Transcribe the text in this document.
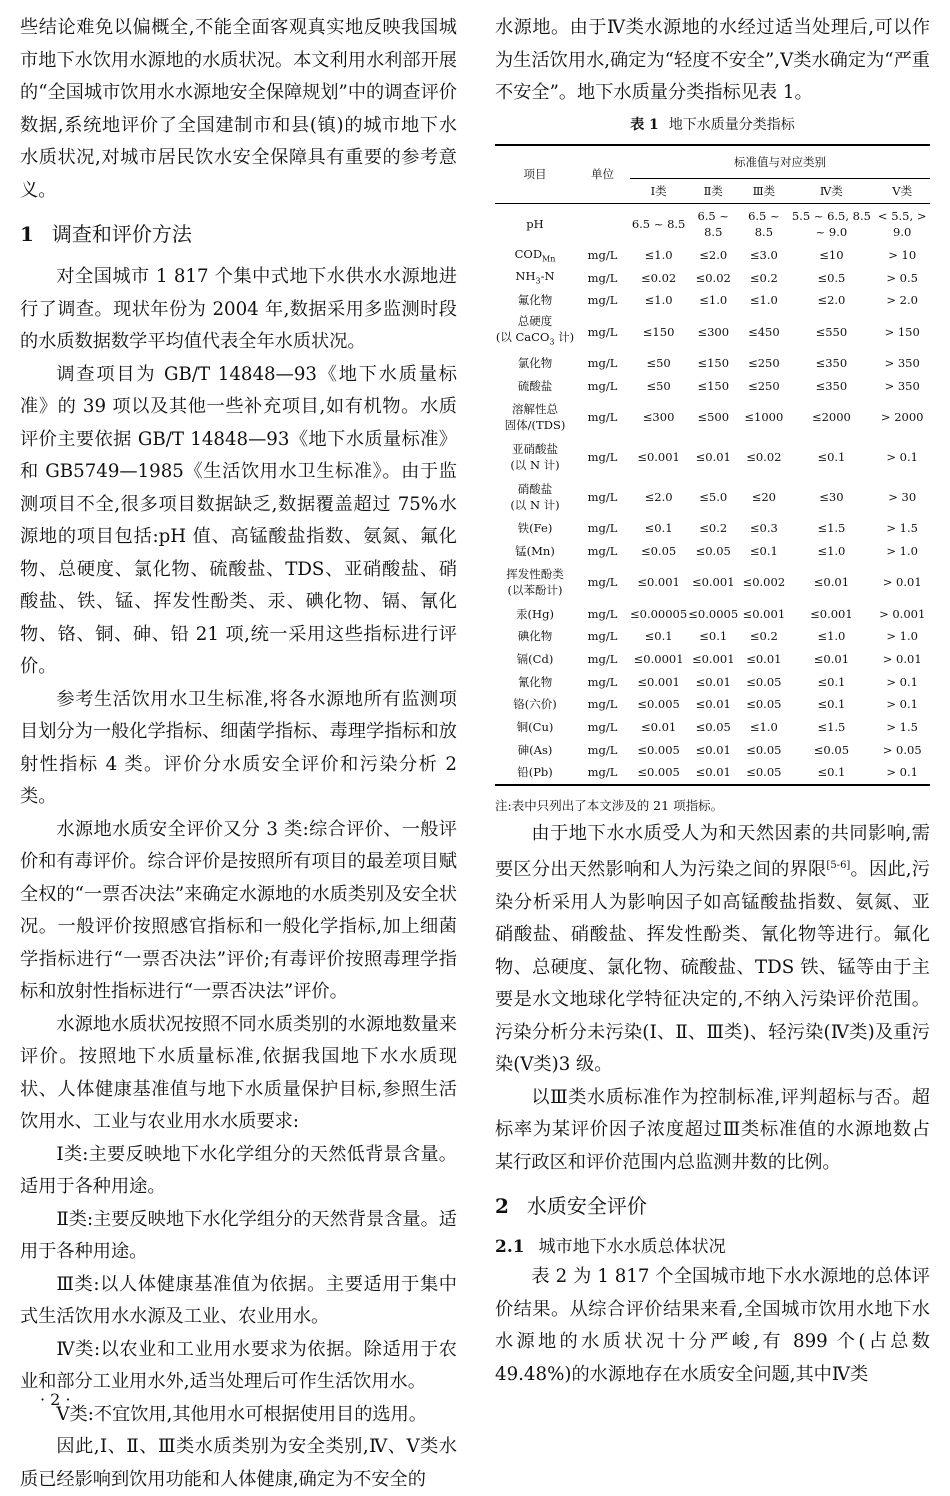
些结论难免以偏概全,不能全面客观真实地反映我国城市地下水饮用水源地的水质状况。本文利用水利部开展的“全国城市饮用水水源地安全保障规划”中的调查评价数据,系统地评价了全国建制市和县(镇)的城市地下水水质状况,对城市居民饮水安全保障具有重要的参考意义。

1 调查和评价方法

对全国城市 1 817 个集中式地下水供水水源地进行了调查。现状年份为 2004 年,数据采用多监测时段的水质数据数学平均值代表全年水质状况。

调查项目为 GB/T 14848—93《地下水质量标准》的 39 项以及其他一些补充项目,如有机物。水质评价主要依据 GB/T 14848—93《地下水质量标准》和 GB5749—1985《生活饮用水卫生标准》。由于监测项目不全,很多项目数据缺乏,数据覆盖超过 75%水源地的项目包括:pH 值、高锰酸盐指数、氨氮、氟化物、总硬度、氯化物、硫酸盐、TDS、亚硝酸盐、硝酸盐、铁、锰、挥发性酚类、汞、碘化物、镉、氰化物、铬、铜、砷、铅 21 项,统一采用这些指标进行评价。

参考生活饮用水卫生标准,将各水源地所有监测项目划分为一般化学指标、细菌学指标、毒理学指标和放射性指标 4 类。评价分水质安全评价和污染分析 2 类。

水源地水质安全评价又分 3 类:综合评价、一般评价和有毒评价。综合评价是按照所有项目的最差项目赋全权的“一票否决法”来确定水源地的水质类别及安全状况。一般评价按照感官指标和一般化学指标,加上细菌学指标进行“一票否决法”评价;有毒评价按照毒理学指标和放射性指标进行“一票否决法”评价。

水源地水质状况按照不同水质类别的水源地数量来评价。按照地下水质量标准,依据我国地下水水质现状、人体健康基准值与地下水质量保护目标,参照生活饮用水、工业与农业用水水质要求:

Ⅰ类:主要反映地下水化学组分的天然低背景含量。适用于各种用途。

Ⅱ类:主要反映地下水化学组分的天然背景含量。适用于各种用途。

Ⅲ类:以人体健康基准值为依据。主要适用于集中式生活饮用水水源及工业、农业用水。

Ⅳ类:以农业和工业用水要求为依据。除适用于农业和部分工业用水外,适当处理后可作生活饮用水。

Ⅴ类:不宜饮用,其他用水可根据使用目的选用。

因此,Ⅰ、Ⅱ、Ⅲ类水质类别为安全类别,Ⅳ、Ⅴ类水质已经影响到饮用功能和人体健康,确定为不安全的

· 2 ·

水源地。由于Ⅳ类水源地的水经过适当处理后,可以作为生活饮用水,确定为“轻度不安全”,Ⅴ类水确定为“严重不安全”。地下水质量分类指标见表 1。

表 1 地下水质量分类指标
项目	单位	标准值与对应类别				
		Ⅰ类	Ⅱ类	Ⅲ类	Ⅳ类	Ⅴ类
pH		6.5 ~ 8.5	6.5 ~ 8.5	6.5 ~ 8.5	5.5 ~ 6.5, 8.5 ~ 9.0	< 5.5, > 9.0
$COD_{Mn}$	mg/L	≤1.0	≤2.0	≤3.0	≤10	> 10
$NH_3-N$	mg/L	≤0.02	≤0.02	≤0.2	≤0.5	> 0.5
氟化物	mg/L	≤1.0	≤1.0	≤1.0	≤2.0	> 2.0
总硬度
(以 CaCO$_3$ 计)	mg/L	≤150	≤300	≤450	≤550	> 150
氯化物	mg/L	≤50	≤150	≤250	≤350	> 350
硫酸盐	mg/L	≤50	≤150	≤250	≤350	> 350
溶解性总
固体/(TDS)	mg/L	≤300	≤500	≤1000	≤2000	> 2000
亚硝酸盐
(以 N 计)	mg/L	≤0.001	≤0.01	≤0.02	≤0.1	> 0.1
硝酸盐
(以 N 计)	mg/L	≤2.0	≤5.0	≤20	≤30	> 30
铁(Fe)	mg/L	≤0.1	≤0.2	≤0.3	≤1.5	> 1.5
锰(Mn)	mg/L	≤0.05	≤0.05	≤0.1	≤1.0	> 1.0
挥发性酚类
(以苯酚计)	mg/L	≤0.001	≤0.001	≤0.002	≤0.01	> 0.01
汞(Hg)	mg/L	≤0.00005	≤0.0005	≤0.001	≤0.001	> 0.001
碘化物	mg/L	≤0.1	≤0.1	≤0.2	≤1.0	> 1.0
镉(Cd)	mg/L	≤0.0001	≤0.001	≤0.01	≤0.01	> 0.01
氰化物	mg/L	≤0.001	≤0.01	≤0.05	≤0.1	> 0.1
铬(六价)	mg/L	≤0.005	≤0.01	≤0.05	≤0.1	> 0.1
铜(Cu)	mg/L	≤0.01	≤0.05	≤1.0	≤1.5	> 1.5
砷(As)	mg/L	≤0.005	≤0.01	≤0.05	≤0.05	> 0.05
铅(Pb)	mg/L	≤0.005	≤0.01	≤0.05	≤0.1	> 0.1
注:表中只列出了本文涉及的 21 项指标。

由于地下水水质受人为和天然因素的共同影响,需要区分出天然影响和人为污染之间的界限[5-6]。因此,污染分析采用人为影响因子如高锰酸盐指数、氨氮、亚硝酸盐、硝酸盐、挥发性酚类、氰化物等进行。氟化物、总硬度、氯化物、硫酸盐、TDS 铁、锰等由于主要是水文地球化学特征决定的,不纳入污染评价范围。污染分析分未污染(Ⅰ、Ⅱ、Ⅲ类)、轻污染(Ⅳ类)及重污染(Ⅴ类)3 级。

以Ⅲ类水质标准作为控制标准,评判超标与否。超标率为某评价因子浓度超过Ⅲ类标准值的水源地数占某行政区和评价范围内总监测井数的比例。

2 水质安全评价
2.1 城市地下水水质总体状况

表 2 为 1 817 个全国城市地下水水源地的总体评价结果。从综合评价结果来看,全国城市饮用水地下水水源地的水质状况十分严峻,有 899 个(占总数 49.48%)的水源地存在水质安全问题,其中Ⅳ类
